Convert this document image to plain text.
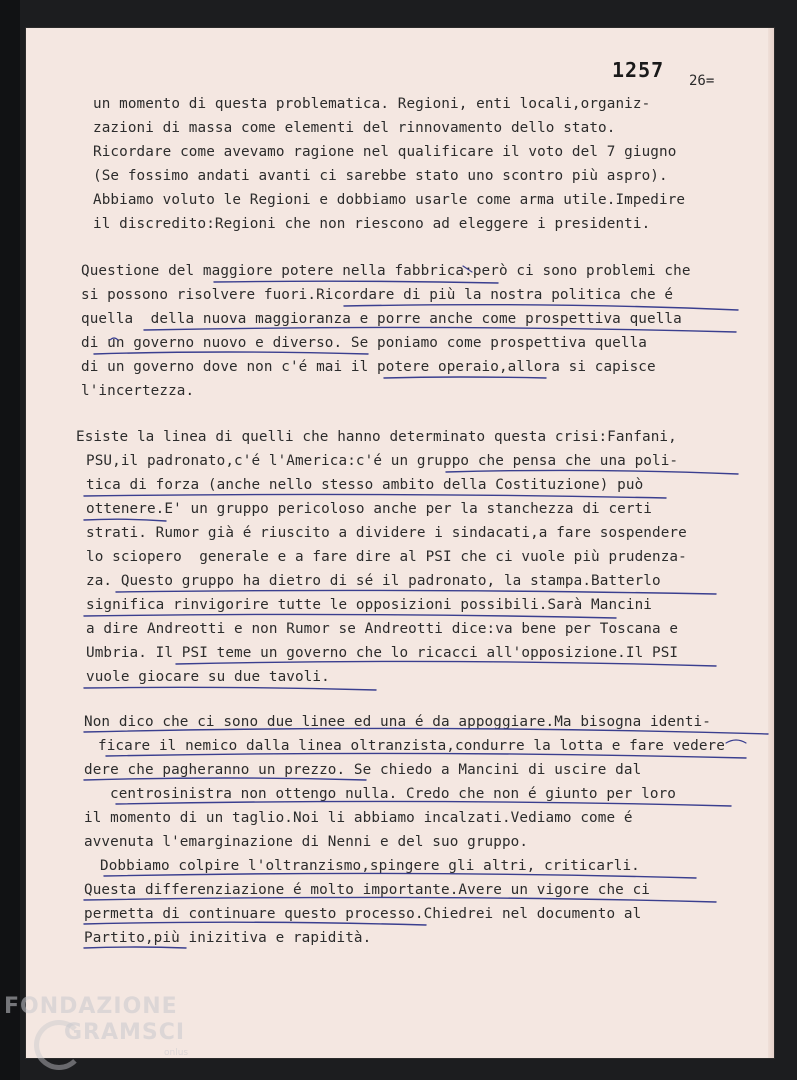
1257 26=

un momento di questa problematica. Regioni, enti locali,organiz-

zazioni di massa come elementi del rinnovamento dello stato.

Ricordare come avevamo ragione nel qualificare il voto del 7 giugno

(Se fossimo andati avanti ci sarebbe stato uno scontro più aspro).

Abbiamo voluto le Regioni e dobbiamo usarle come arma utile.Impedire

il discredito:Regioni che non riescono ad eleggere i presidenti.

Questione del maggiore potere nella fabbrica:però ci sono problemi che

si possono risolvere fuori.Ricordare di più la nostra politica che é

quella  della nuova maggioranza e porre anche come prospettiva quella

di un governo nuovo e diverso. Se poniamo come prospettiva quella

di un governo dove non c'é mai il potere operaio,allora si capisce

l'incertezza.

Esiste la linea di quelli che hanno determinato questa crisi:Fanfani,

PSU,il padronato,c'é l'America:c'é un gruppo che pensa che una poli-

tica di forza (anche nello stesso ambito della Costituzione) può

ottenere.E' un gruppo pericoloso anche per la stanchezza di certi

strati. Rumor già é riuscito a dividere i sindacati,a fare sospendere

lo sciopero  generale e a fare dire al PSI che ci vuole più prudenza-

za. Questo gruppo ha dietro di sé il padronato, la stampa.Batterlo

significa rinvigorire tutte le opposizioni possibili.Sarà Mancini

a dire Andreotti e non Rumor se Andreotti dice:va bene per Toscana e

Umbria. Il PSI teme un governo che lo ricacci all'opposizione.Il PSI

vuole giocare su due tavoli.

Non dico che ci sono due linee ed una é da appoggiare.Ma bisogna identi-

ficare il nemico dalla linea oltranzista,condurre la lotta e fare vedere

dere che pagheranno un prezzo. Se chiedo a Mancini di uscire dal

centrosinistra non ottengo nulla. Credo che non é giunto per loro

il momento di un taglio.Noi li abbiamo incalzati.Vediamo come é

avvenuta l'emarginazione di Nenni e del suo gruppo.

Dobbiamo colpire l'oltranzismo,spingere gli altri, criticarli.

Questa differenziazione é molto importante.Avere un vigore che ci

permetta di continuare questo processo.Chiedrei nel documento al

Partito,più inizitiva e rapidità.

FONDAZIONE
GRAMSCI
onlus
